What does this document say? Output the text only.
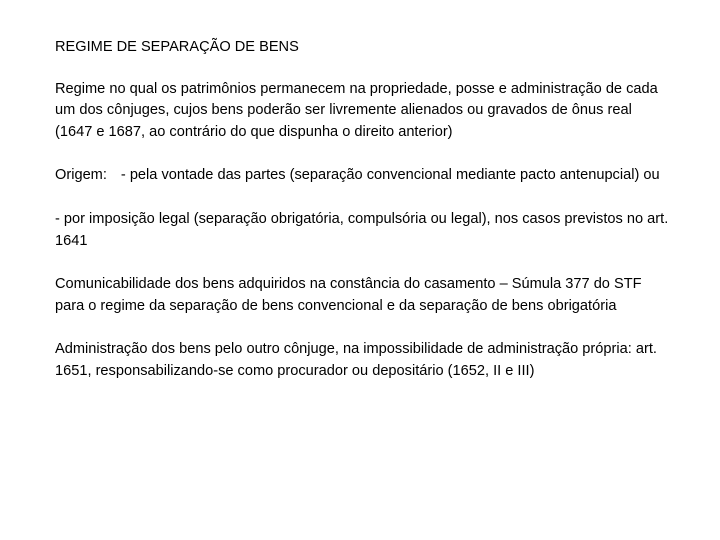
REGIME DE SEPARAÇÃO DE BENS
Regime no qual os patrimônios permanecem na propriedade, posse e administração de cada um dos cônjuges, cujos bens poderão ser livremente alienados ou gravados de ônus real (1647 e 1687, ao contrário do que dispunha o direito anterior)
Origem: - pela vontade das partes (separação convencional mediante pacto antenupcial) ou
- por imposição legal (separação obrigatória, compulsória ou legal), nos casos previstos no art. 1641
Comunicabilidade dos bens adquiridos na constância do casamento – Súmula 377 do STF para o regime da separação de bens convencional e da separação de bens obrigatória
Administração dos bens pelo outro cônjuge, na impossibilidade de administração própria: art. 1651, responsabilizando-se como procurador ou depositário (1652, II e III)
